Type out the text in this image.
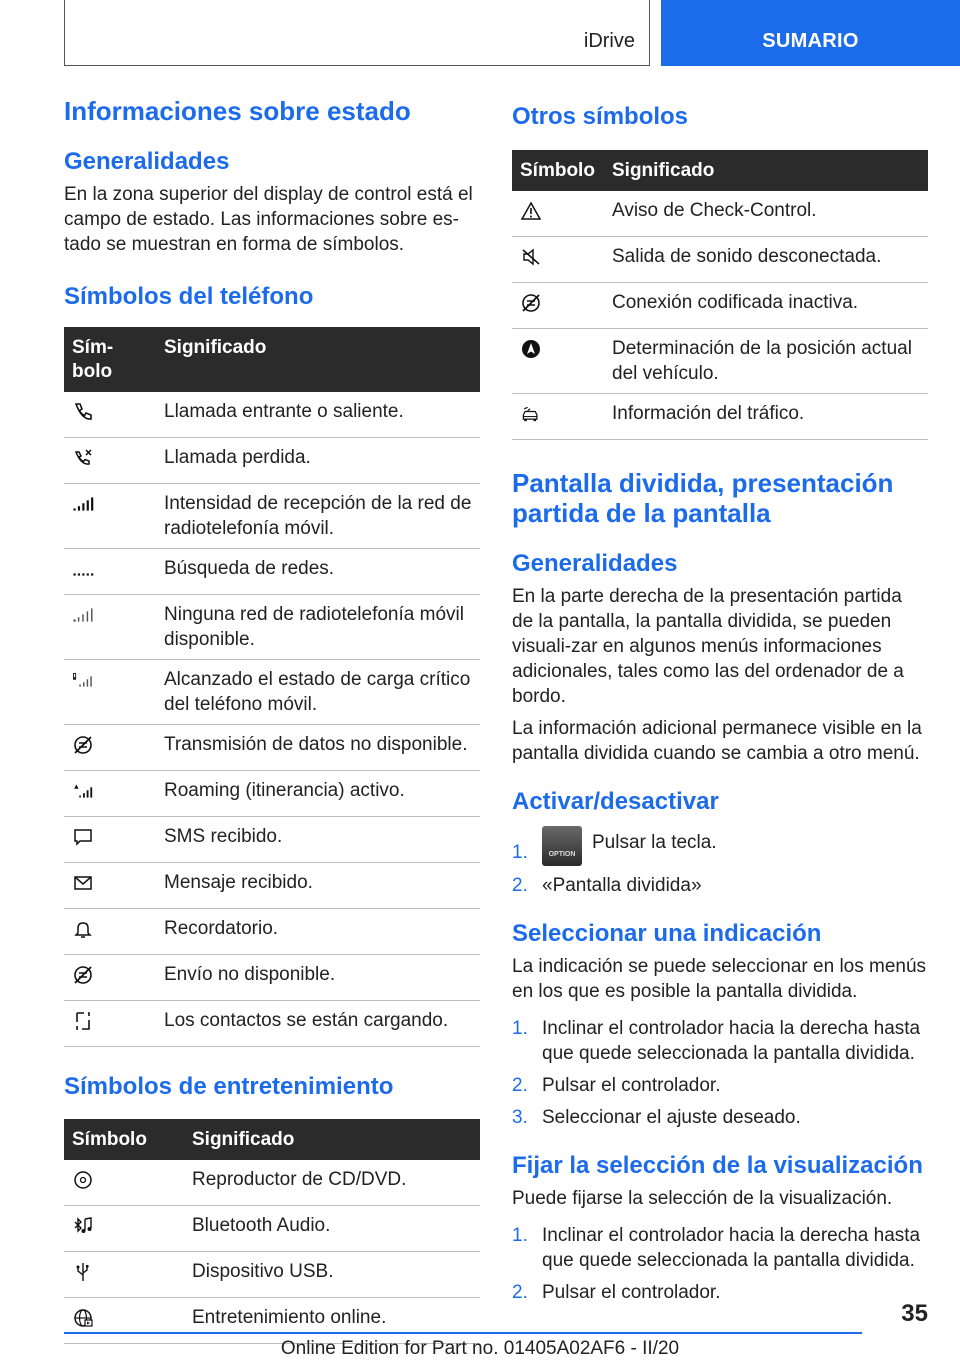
iDrive	SUMARIO
Informaciones sobre estado
Generalidades

En la zona superior del display de control está el campo de estado. Las informaciones sobre es‐tado se muestran en forma de símbolos.

Símbolos del teléfono
Sím‐bolo	Significado
	Llamada entrante o saliente.
	Llamada perdida.
	Intensidad de recepción de la red de radiotelefonía móvil.
	Búsqueda de redes.
	Ninguna red de radiotelefonía móvil disponible.
	Alcanzado el estado de carga crítico del teléfono móvil.
	Transmisión de datos no disponible.
	Roaming (itinerancia) activo.
	SMS recibido.
	Mensaje recibido.
	Recordatorio.
	Envío no disponible.
	Los contactos se están cargando.
Símbolos de entretenimiento
Símbolo	Significado
	Reproductor de CD/DVD.
	Bluetooth Audio.
	Dispositivo USB.
	Entretenimiento online.
Otros símbolos
Símbolo	Significado
	Aviso de Check-Control.
	Salida de sonido desconectada.
	Conexión codificada inactiva.
	Determinación de la posición actual del vehículo.
	Información del tráfico.
Pantalla dividida, presentación partida de la pantalla
Generalidades

En la parte derecha de la presentación partida de la pantalla, la pantalla dividida, se pueden visuali‐zar en algunos menús informaciones adicionales, tales como las del ordenador de a bordo.

La información adicional permanece visible en la pantalla dividida cuando se cambia a otro menú.

Activar/desactivar
1.	OPTION
Pulsar la tecla.
2. «Pantalla dividida»
Seleccionar una indicación

La indicación se puede seleccionar en los menús en los que es posible la pantalla dividida.

1. Inclinar el controlador hacia la derecha hasta que quede seleccionada la pantalla dividida.
2. Pulsar el controlador.
3. Seleccionar el ajuste deseado.
Fijar la selección de la visualización

Puede fijarse la selección de la visualización.

1. Inclinar el controlador hacia la derecha hasta que quede seleccionada la pantalla dividida.
2. Pulsar el controlador.
35
Online Edition for Part no. 01405A02AF6 - II/20
